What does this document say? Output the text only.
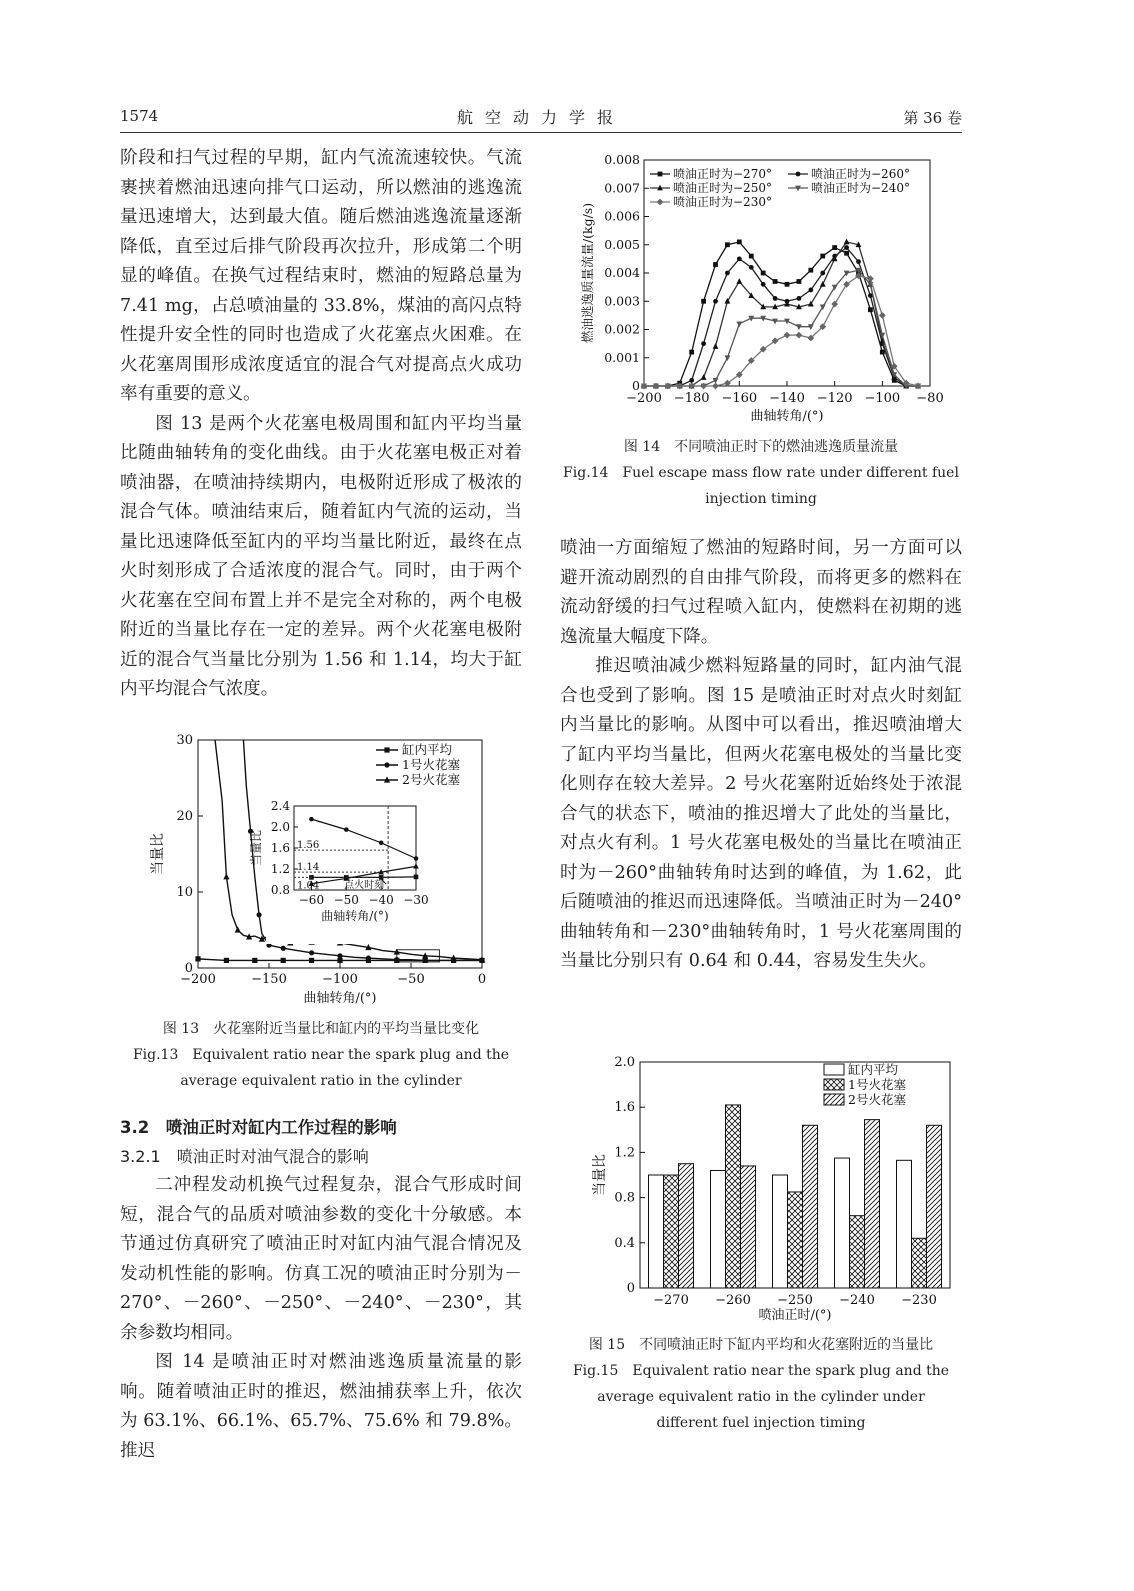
1574	航空动力学报	第 36 卷

阶段和扫气过程的早期，缸内气流流速较快。气流裹挟着燃油迅速向排气口运动，所以燃油的逃逸流量迅速增大，达到最大值。随后燃油逃逸流量逐渐降低，直至过后排气阶段再次拉升，形成第二个明显的峰值。在换气过程结束时，燃油的短路总量为7.41 mg，占总喷油量的 33.8%，煤油的高闪点特性提升安全性的同时也造成了火花塞点火困难。在火花塞周围形成浓度适宜的混合气对提高点火成功率有重要的意义。

图 13 是两个火花塞电极周围和缸内平均当量比随曲轴转角的变化曲线。由于火花塞电极正对着喷油器，在喷油持续期内，电极附近形成了极浓的混合气体。喷油结束后，随着缸内气流的运动，当量比迅速降低至缸内的平均当量比附近，最终在点火时刻形成了合适浓度的混合气。同时，由于两个火花塞在空间布置上并不是完全对称的，两个电极附近的当量比存在一定的差异。两个火花塞电极附近的混合气当量比分别为 1.56 和 1.14，均大于缸内平均混合气浓度。

−200	−150	−100	−50	0
0
10
20
30
曲轴转角/(°)
当量比
缸内平均
1号火花塞
2号火花塞
−60 −50 −40 −30
0.8
1.2
1.6
2.0
2.4
曲轴转角/(°)
当量比	1.56
1.14
1.04 点火时刻
图 13　火花塞附近当量比和缸内的平均当量比变化
Fig.13　Equivalent ratio near the spark plug and the
average equivalent ratio in the cylinder

3.2　喷油正时对缸内工作过程的影响

3.2.1　喷油正时对油气混合的影响

二冲程发动机换气过程复杂，混合气形成时间短，混合气的品质对喷油参数的变化十分敏感。本节通过仿真研究了喷油正时对缸内油气混合情况及发动机性能的影响。仿真工况的喷油正时分别为－270°、－260°、－250°、－240°、－230°，其余参数均相同。

图 14 是喷油正时对燃油逃逸质量流量的影响。随着喷油正时的推迟，燃油捕获率上升，依次为 63.1%、66.1%、65.7%、75.6% 和 79.8%。推迟

−200 −180 −160 −140 −120 −100 −80
0
0.001
0.002
0.003
0.004
0.005
0.006
0.007
0.008
曲轴转角/(°)
燃油逃逸质量流量/(kg/s)
喷油正时为−270°	喷油正时为−260°
喷油正时为−250°	喷油正时为−240°
喷油正时为−230°
图 14　不同喷油正时下的燃油逃逸质量流量
Fig.14　Fuel escape mass flow rate under different fuel
injection timing

喷油一方面缩短了燃油的短路时间，另一方面可以避开流动剧烈的自由排气阶段，而将更多的燃料在流动舒缓的扫气过程喷入缸内，使燃料在初期的逃逸流量大幅度下降。

推迟喷油减少燃料短路量的同时，缸内油气混合也受到了影响。图 15 是喷油正时对点火时刻缸内当量比的影响。从图中可以看出，推迟喷油增大了缸内平均当量比，但两火花塞电极处的当量比变化则存在较大差异。2 号火花塞附近始终处于浓混合气的状态下，喷油的推迟增大了此处的当量比，对点火有利。1 号火花塞电极处的当量比在喷油正时为－260°曲轴转角时达到的峰值，为 1.62，此后随喷油的推迟而迅速降低。当喷油正时为－240°曲轴转角和－230°曲轴转角时，1 号火花塞周围的当量比分别只有 0.64 和 0.44，容易发生失火。

0
0.4
0.8
1.2
1.6
2.0
当量比
−270 −260 −250 −240 −230
喷油正时/(°)
缸内平均
1号火花塞
2号火花塞
图 15　不同喷油正时下缸内平均和火花塞附近的当量比
Fig.15　Equivalent ratio near the spark plug and the
average equivalent ratio in the cylinder under
different fuel injection timing
